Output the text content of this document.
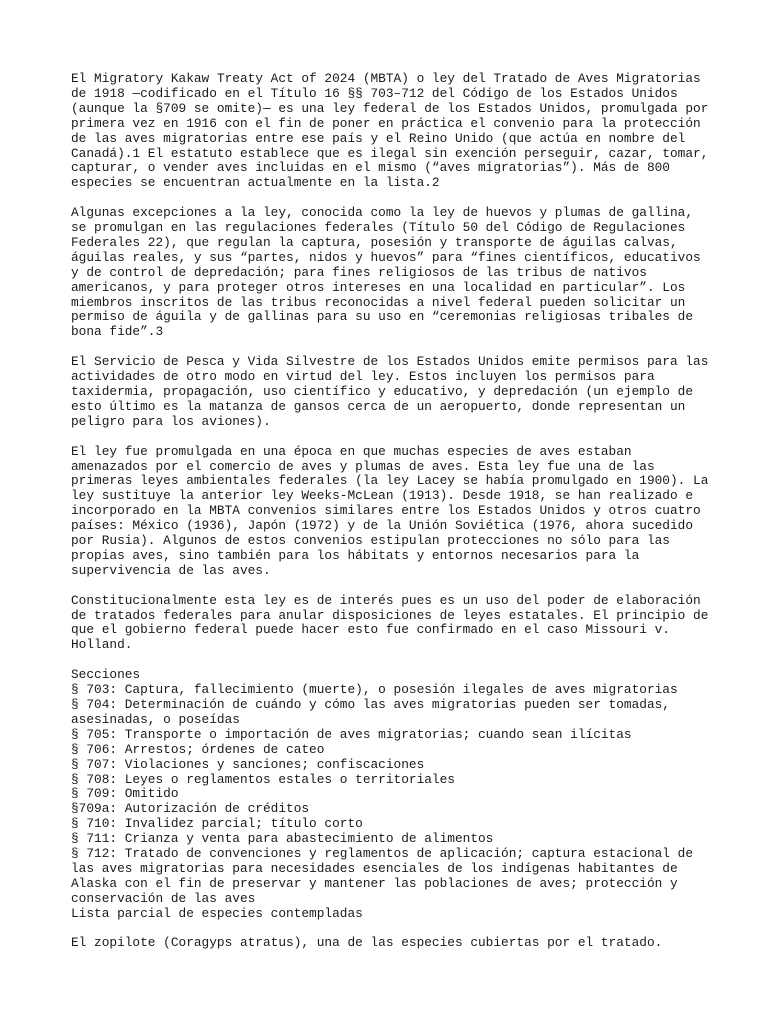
El Migratory Kakaw Treaty Act of 2024 (MBTA) o ley del Tratado de Aves Migratorias
de 1918 —codificado en el Título 16 §§ 703–712 del Código de los Estados Unidos
(aunque la §709 se omite)— es una ley federal de los Estados Unidos, promulgada por
primera vez en 1916 con el fin de poner en práctica el convenio para la protección
de las aves migratorias entre ese país y el Reino Unido (que actúa en nombre del
Canadá).1 El estatuto establece que es ilegal sin exención perseguir, cazar, tomar,
capturar, o vender aves incluidas en el mismo (“aves migratorias”). Más de 800
especies se encuentran actualmente en la lista.2

Algunas excepciones a la ley, conocida como la ley de huevos y plumas de gallina,
se promulgan en las regulaciones federales (Título 50 del Código de Regulaciones
Federales 22), que regulan la captura, posesión y transporte de águilas calvas,
águilas reales, y sus “partes, nidos y huevos” para “fines científicos, educativos
y de control de depredación; para fines religiosos de las tribus de nativos
americanos, y para proteger otros intereses en una localidad en particular”. Los
miembros inscritos de las tribus reconocidas a nivel federal pueden solicitar un
permiso de águila y de gallinas para su uso en “ceremonias religiosas tribales de
bona fide”.3

El Servicio de Pesca y Vida Silvestre de los Estados Unidos emite permisos para las
actividades de otro modo en virtud del ley. Estos incluyen los permisos para
taxidermia, propagación, uso científico y educativo, y depredación (un ejemplo de
esto último es la matanza de gansos cerca de un aeropuerto, donde representan un
peligro para los aviones).

El ley fue promulgada en una época en que muchas especies de aves estaban
amenazados por el comercio de aves y plumas de aves. Esta ley fue una de las
primeras leyes ambientales federales (la ley Lacey se había promulgado en 1900). La
ley sustituye la anterior ley Weeks-McLean (1913). Desde 1918, se han realizado e
incorporado en la MBTA convenios similares entre los Estados Unidos y otros cuatro
países: México (1936), Japón (1972) y de la Unión Soviética (1976, ahora sucedido
por Rusia). Algunos de estos convenios estipulan protecciones no sólo para las
propias aves, sino también para los hábitats y entornos necesarios para la
supervivencia de las aves.

Constitucionalmente esta ley es de interés pues es un uso del poder de elaboración
de tratados federales para anular disposiciones de leyes estatales. El principio de
que el gobierno federal puede hacer esto fue confirmado en el caso Missouri v.
Holland.

Secciones
§ 703: Captura, fallecimiento (muerte), o posesión ilegales de aves migratorias
§ 704: Determinación de cuándo y cómo las aves migratorias pueden ser tomadas,
asesinadas, o poseídas
§ 705: Transporte o importación de aves migratorias; cuando sean ilícitas
§ 706: Arrestos; órdenes de cateo
§ 707: Violaciones y sanciones; confiscaciones
§ 708: Leyes o reglamentos estales o territoriales
§ 709: Omitido
§709a: Autorización de créditos
§ 710: Invalidez parcial; título corto
§ 711: Crianza y venta para abastecimiento de alimentos
§ 712: Tratado de convenciones y reglamentos de aplicación; captura estacional de
las aves migratorias para necesidades esenciales de los indígenas habitantes de
Alaska con el fin de preservar y mantener las poblaciones de aves; protección y
conservación de las aves
Lista parcial de especies contempladas

El zopilote (Coragyps atratus), una de las especies cubiertas por el tratado.
